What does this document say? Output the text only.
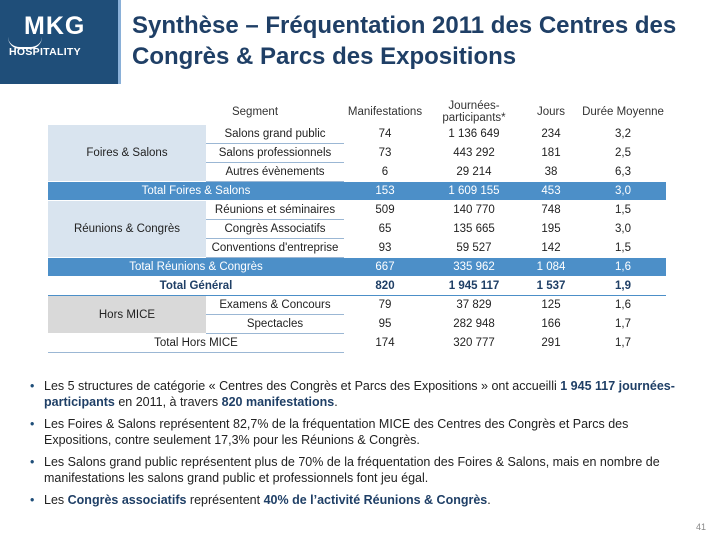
MKG
HOSPITALITY
Synthèse – Fréquentation 2011 des Centres des Congrès & Parcs des Expositions
Segment		Manifestations	Journées-participants*	Jours	Durée Moyenne
Foires & Salons	Salons grand public	74	1 136 649	234	3,2
	Salons professionnels	73	443 292	181	2,5
	Autres évènements	6	29 214	38	6,3
Total Foires & Salons		153	1 609 155	453	3,0
Réunions & Congrès	Réunions et séminaires	509	140 770	748	1,5
	Congrès Associatifs	65	135 665	195	3,0
	Conventions d'entreprise	93	59 527	142	1,5
Total Réunions & Congrès		667	335 962	1 084	1,6
Total Général		820	1 945 117	1 537	1,9
Hors MICE	Examens & Concours	79	37 829	125	1,6
	Spectacles	95	282 948	166	1,7
Total Hors MICE		174	320 777	291	1,7
• Les 5 structures de catégorie « Centres des Congrès et Parcs des Expositions » ont accueilli 1 945 117 journées-participants en 2011, à travers 820 manifestations.
• Les Foires & Salons représentent 82,7% de la fréquentation MICE des Centres des Congrès et Parcs des Expositions, contre seulement 17,3% pour les Réunions & Congrès.
• Les Salons grand public représentent plus de 70% de la fréquentation des Foires & Salons, mais en nombre de manifestations les salons grand public et professionnels font jeu égal.
• Les Congrès associatifs représentent 40% de l’activité Réunions & Congrès.
41
